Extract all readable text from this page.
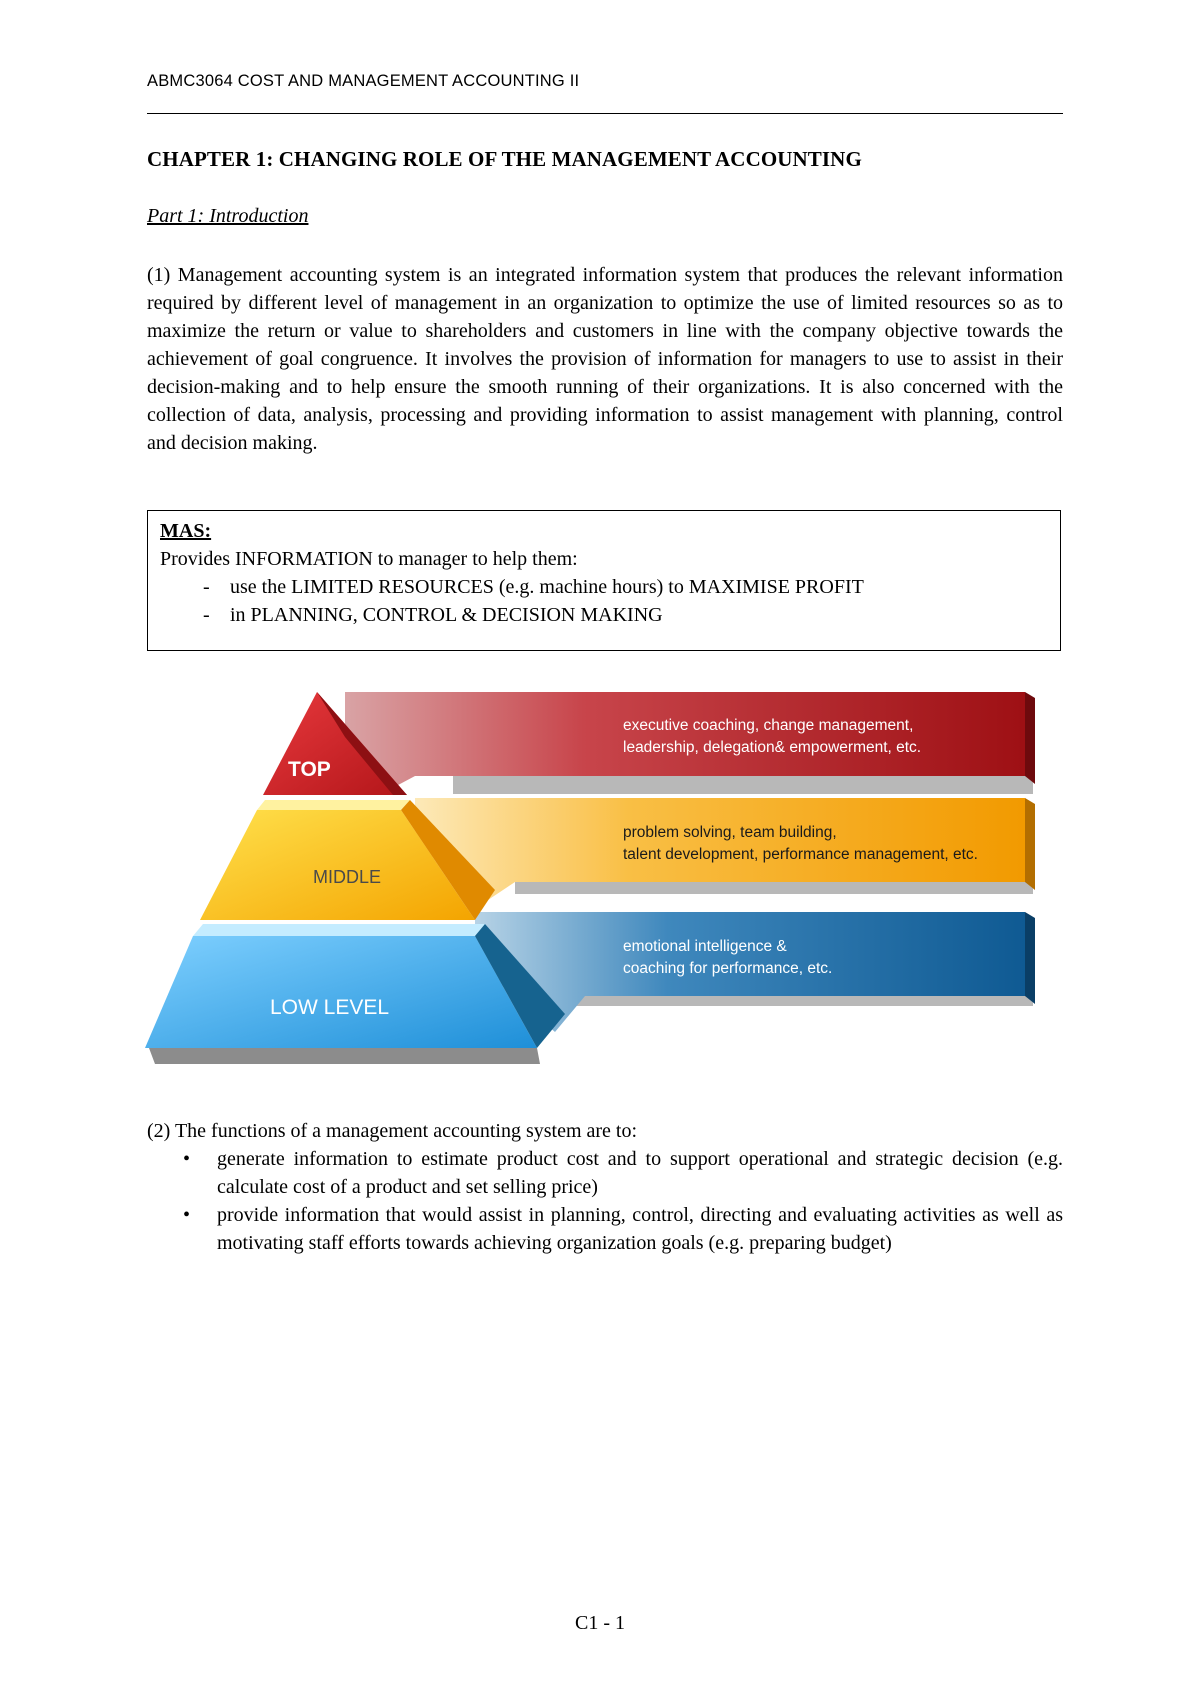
ABMC3064 COST AND MANAGEMENT ACCOUNTING II
CHAPTER 1: CHANGING ROLE OF THE MANAGEMENT ACCOUNTING
Part 1: Introduction

(1) Management accounting system is an integrated information system that produces the relevant information required by different level of management in an organization to optimize the use of limited resources so as to maximize the return or value to shareholders and customers in line with the company objective towards the achievement of goal congruence. It involves the provision of information for managers to use to assist in their decision-making and to help ensure the smooth running of their organizations. It is also concerned with the collection of data, analysis, processing and providing information to assist management with planning, control and decision making.

MAS:
Provides INFORMATION to manager to help them:
- use the LIMITED RESOURCES (e.g. machine hours) to MAXIMISE PROFIT
- in PLANNING, CONTROL & DECISION MAKING
TOP
MIDDLE
LOW LEVEL
executive coaching, change management,
leadership, delegation& empowerment, etc.
problem solving, team building,
talent development, performance management, etc.
emotional intelligence &
coaching for performance, etc.

(2) The functions of a management accounting system are to:

• generate information to estimate product cost and to support operational and strategic decision (e.g. calculate cost of a product and set selling price)
• provide information that would assist in planning, control, directing and evaluating activities as well as motivating staff efforts towards achieving organization goals (e.g. preparing budget)
C1 - 1
